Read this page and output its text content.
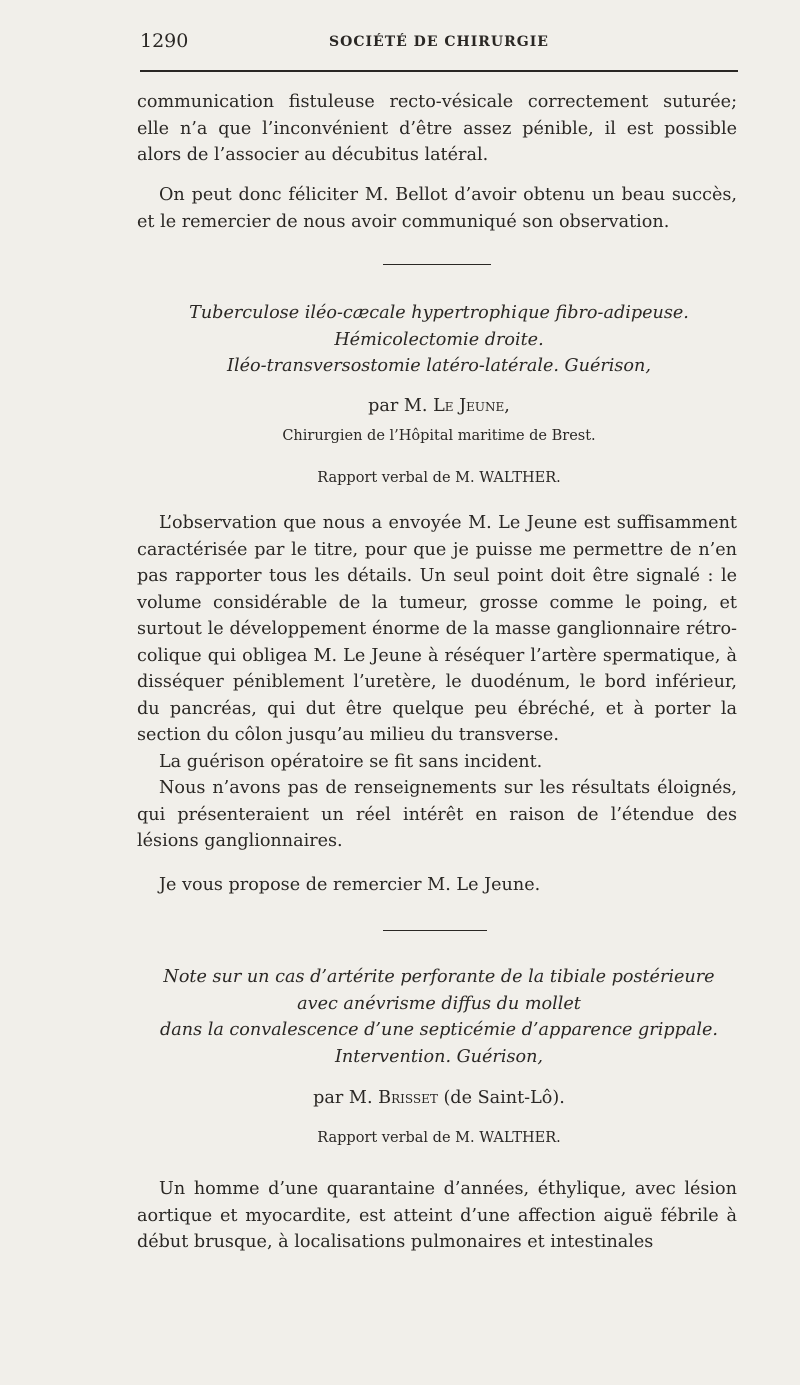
1290	SOCIÉTÉ DE CHIRURGIE

communication fistuleuse recto-vésicale correctement suturée; elle n’a que l’inconvénient d’être assez pénible, il est possible alors de l’associer au décubitus latéral.

On peut donc féliciter M. Bellot d’avoir obtenu un beau succès, et le remercier de nous avoir communiqué son observation.

Tuberculose iléo-cæcale hypertrophique fibro-adipeuse.
Hémicolectomie droite.
Iléo-transversostomie latéro-latérale. Guérison,

par M. Le Jeune,

Chirurgien de l’Hôpital maritime de Brest.

Rapport verbal de M. WALTHER.

L’observation que nous a envoyée M. Le Jeune est suffisamment caractérisée par le titre, pour que je puisse me permettre de n’en pas rapporter tous les détails. Un seul point doit être signalé : le volume considérable de la tumeur, grosse comme le poing, et surtout le développement énorme de la masse ganglionnaire rétro-colique qui obligea M. Le Jeune à réséquer l’artère spermatique, à disséquer péniblement l’uretère, le duodénum, le bord inférieur, du pancréas, qui dut être quelque peu ébréché, et à porter la section du côlon jusqu’au milieu du transverse.

La guérison opératoire se fit sans incident.

Nous n’avons pas de renseignements sur les résultats éloignés, qui présenteraient un réel intérêt en raison de l’étendue des lésions ganglionnaires.

Je vous propose de remercier M. Le Jeune.

Note sur un cas d’artérite perforante de la tibiale postérieure
avec anévrisme diffus du mollet
dans la convalescence d’une septicémie d’apparence grippale.
Intervention. Guérison,

par M. Brisset (de Saint-Lô).

Rapport verbal de M. WALTHER.

Un homme d’une quarantaine d’années, éthylique, avec lésion aortique et myocardite, est atteint d’une affection aiguë fébrile à début brusque, à localisations pulmonaires et intestinales
